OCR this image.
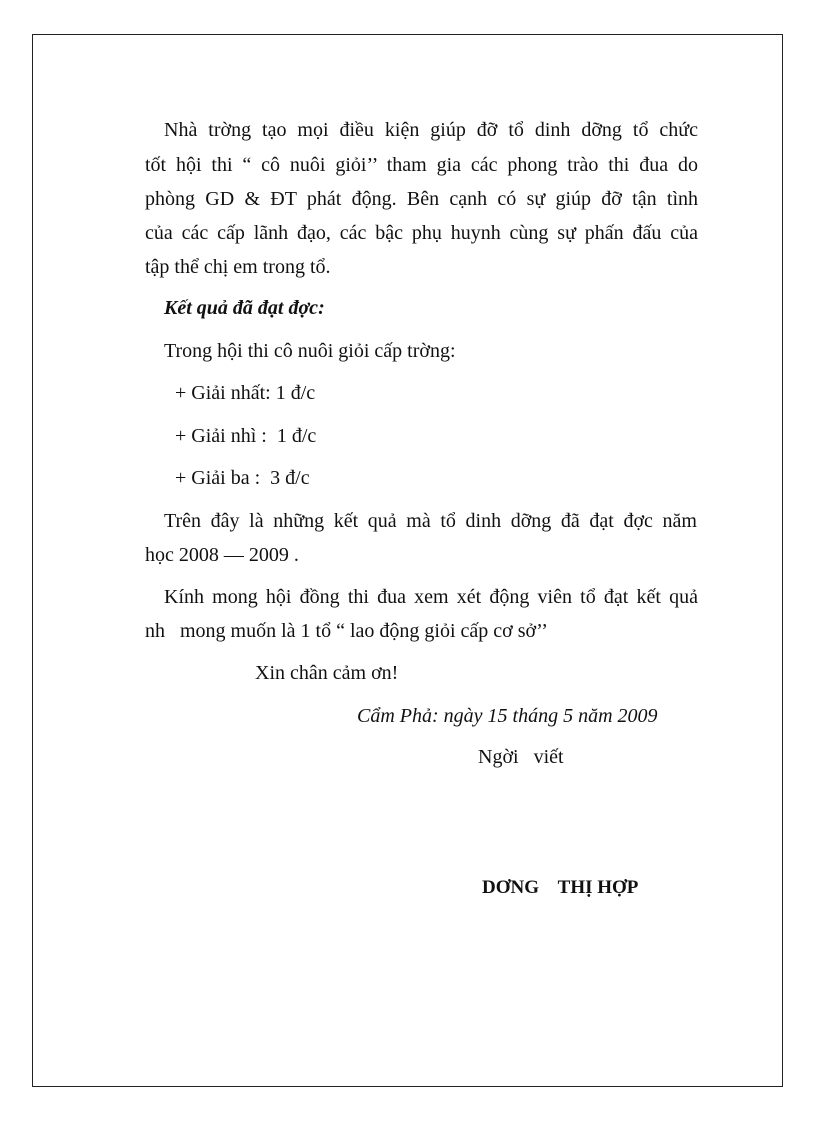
Nhà trờng tạo mọi điều kiện giúp đỡ tổ dinh dỡng tổ chức
tốt hội thi “ cô nuôi giỏi’’ tham gia các phong trào thi đua do
phòng GD & ĐT phát động. Bên cạnh có sự giúp đỡ tận tình
của các cấp lãnh đạo, các bậc phụ huynh cùng sự phấn đấu của
tập thể chị em trong tổ.
Kết quả đã đạt đợc:
Trong hội thi cô nuôi giỏi cấp trờng:
+ Giải nhất: 1 đ/c
+ Giải nhì :  1 đ/c
+ Giải ba :  3 đ/c
Trên đây là những kết quả mà tổ dinh dỡng đã đạt đợc năm
học 2008 — 2009 .
Kính mong hội đồng thi đua xem xét động viên tổ đạt kết quả
nh   mong muốn là 1 tổ “ lao động giỏi cấp cơ sở’’
Xin chân cảm ơn!
Cẩm Phả: ngày 15 tháng 5 năm 2009
Ngời   viết
DƠNG    THỊ HỢP
